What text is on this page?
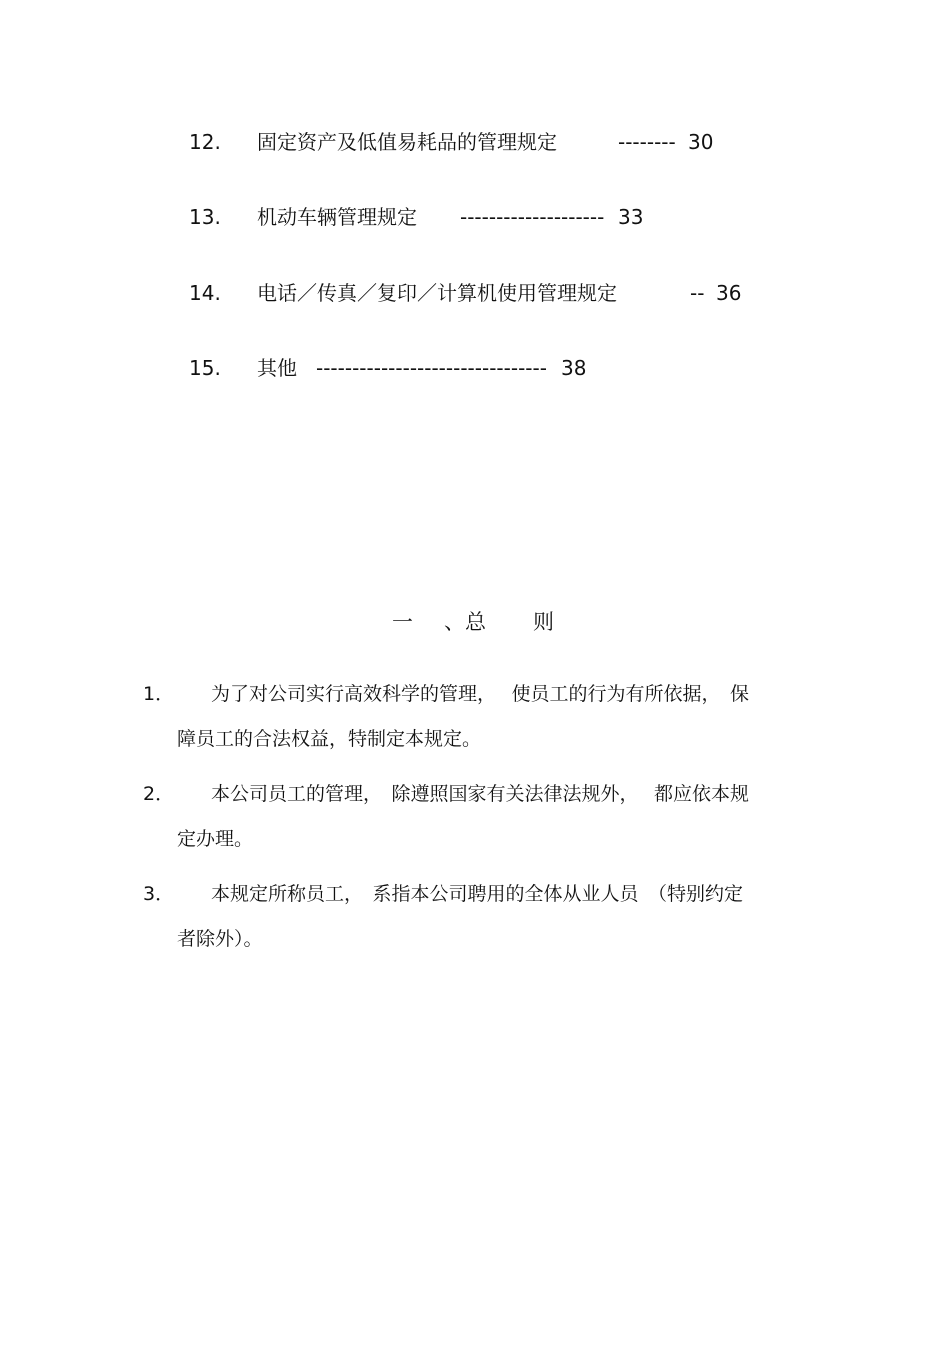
12. 固定资产及低值易耗品的管理规定	-------- 30
13. 机动车辆管理规定 -------------------- 33
14. 电话／传真／复印／计算机使用管理规定	-- 36
15. 其他 -------------------------------- 38
一 、总 则
1． 为了对公司实行高效科学的管理，　 使员工的行为有所依据，　保
障员工的合法权益，特制定本规定。
2． 本公司员工的管理，　除遵照国家有关法律法规外，　 都应依本规
定办理。
3． 本规定所称员工，　系指本公司聘用的全体从业人员　（特别约定
者除外）。
